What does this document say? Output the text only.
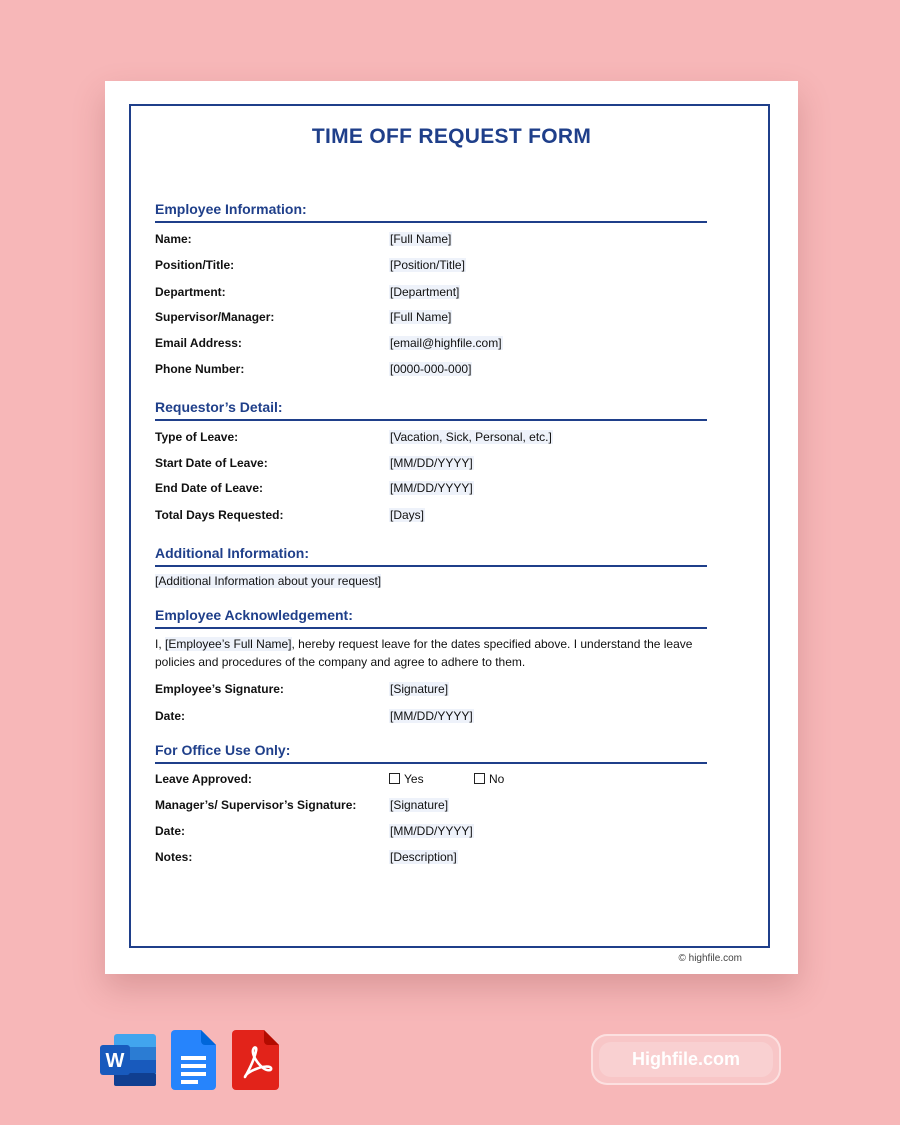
TIME OFF REQUEST FORM
Employee Information:
Name:	[Full Name]
Position/Title:	[Position/Title]
Department:	[Department]
Supervisor/Manager:	[Full Name]
Email Address:	[email@highfile.com]
Phone Number:	[0000-000-000]
Requestor’s Detail:
Type of Leave:	[Vacation, Sick, Personal, etc.]
Start Date of Leave:	[MM/DD/YYYY]
End Date of Leave:	[MM/DD/YYYY]
Total Days Requested:	[Days]
Additional Information:
[Additional Information about your request]
Employee Acknowledgement:
I, [Employee’s Full Name], hereby request leave for the dates specified above. I understand the leave policies and procedures of the company and agree to adhere to them.
Employee’s Signature:	[Signature]
Date:	[MM/DD/YYYY]
For Office Use Only:
Leave Approved:	Yes	No
Manager’s/ Supervisor’s Signature:	[Signature]
Date:	[MM/DD/YYYY]
Notes:	[Description]
© highfile.com
W	Highfile.com
